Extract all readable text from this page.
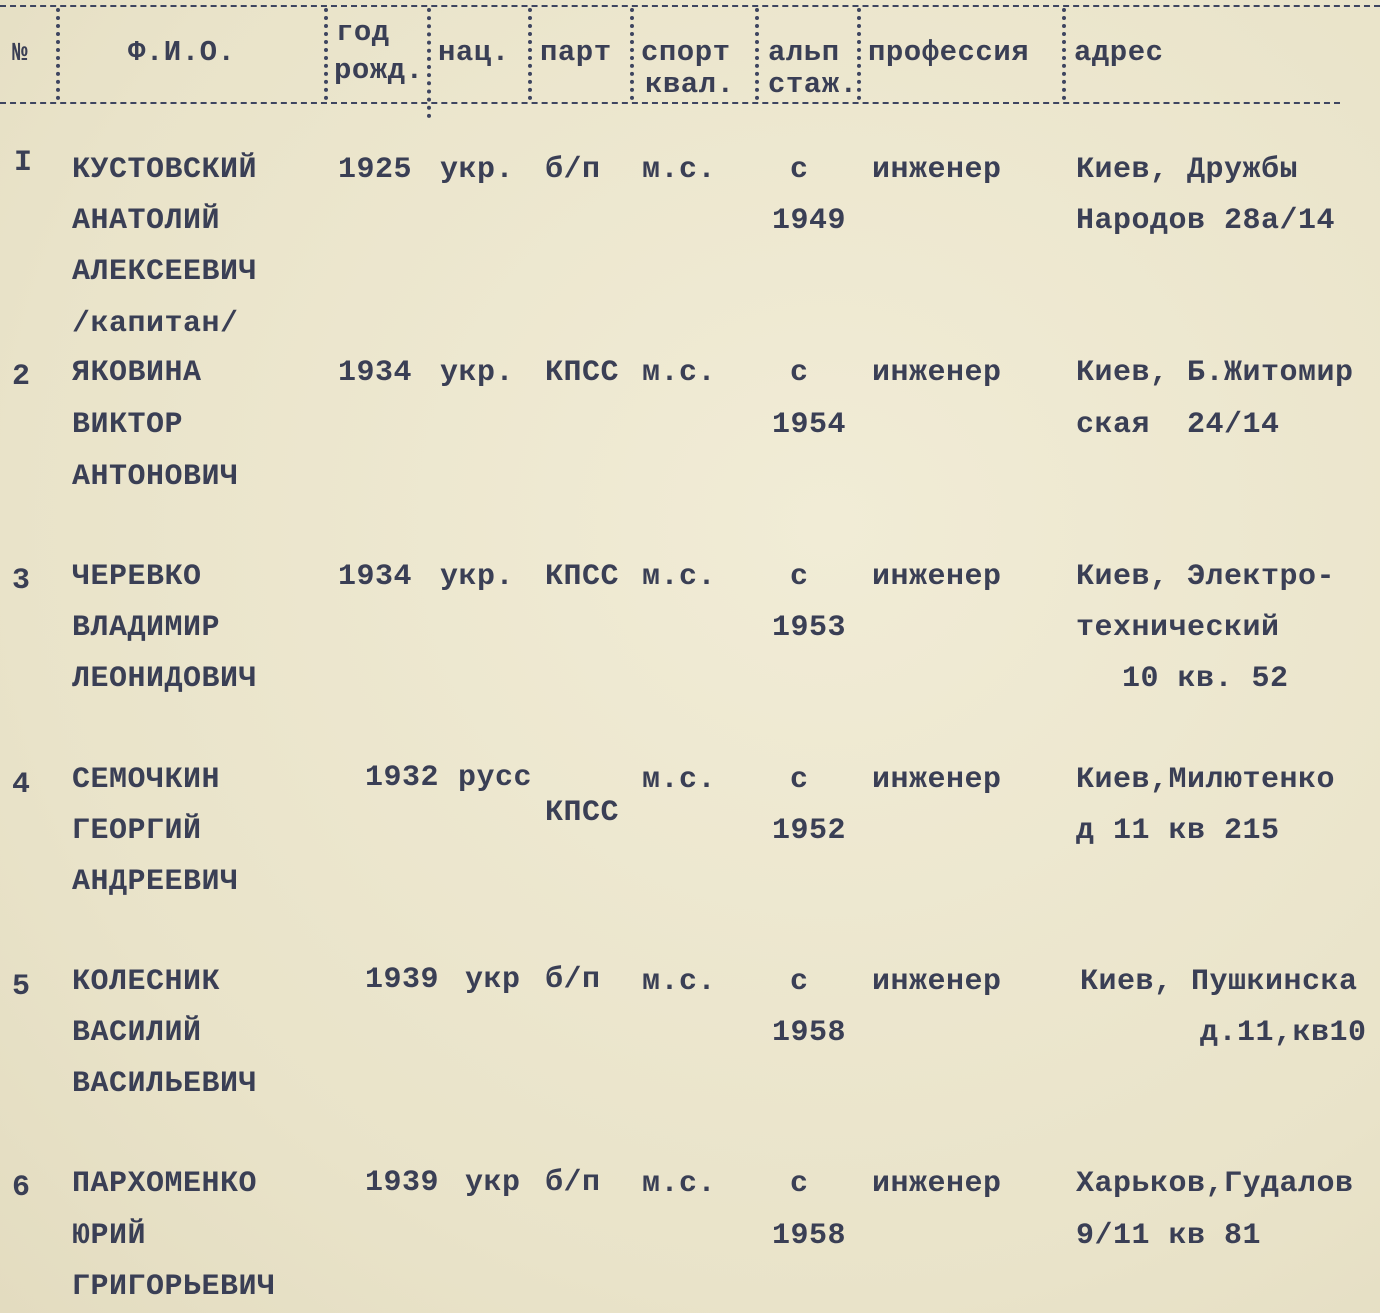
№	Ф.И.О.
год
рожд.
нац. парт спорт
квал.
альп
стаж.
профессия адрес
I КУСТОВСКИЙ
АНАТОЛИЙ
АЛЕКСЕЕВИЧ
/капитан/
1925 укр. б/п м.с. с
1949
инженер Киев, Дружбы
Народов 28а/14
2 ЯКОВИНА
ВИКТОР
АНТОНОВИЧ
1934 укр. КПСС м.с. с
1954
инженер Киев, Б.Житомир
ская  24/14
3 ЧЕРЕВКО
ВЛАДИМИР
ЛЕОНИДОВИЧ
1934 укр. КПСС м.с. с
1953
инженер Киев, Электро-
технический
10 кв. 52
4 СЕМОЧКИН
ГЕОРГИЙ
АНДРЕЕВИЧ
1932 русс
КПСС
м.с. с
1952
инженер Киев,Милютенко
д 11 кв 215
5 КОЛЕСНИК
ВАСИЛИЙ
ВАСИЛЬЕВИЧ
1939 укр б/п м.с. с
1958
инженер	Киев, Пушкинска
д.11,кв10
6 ПАРХОМЕНКО
ЮРИЙ
ГРИГОРЬЕВИЧ
1939 укр б/п м.с. с
1958
инженер Харьков,Гудалов
9/11 кв 81
